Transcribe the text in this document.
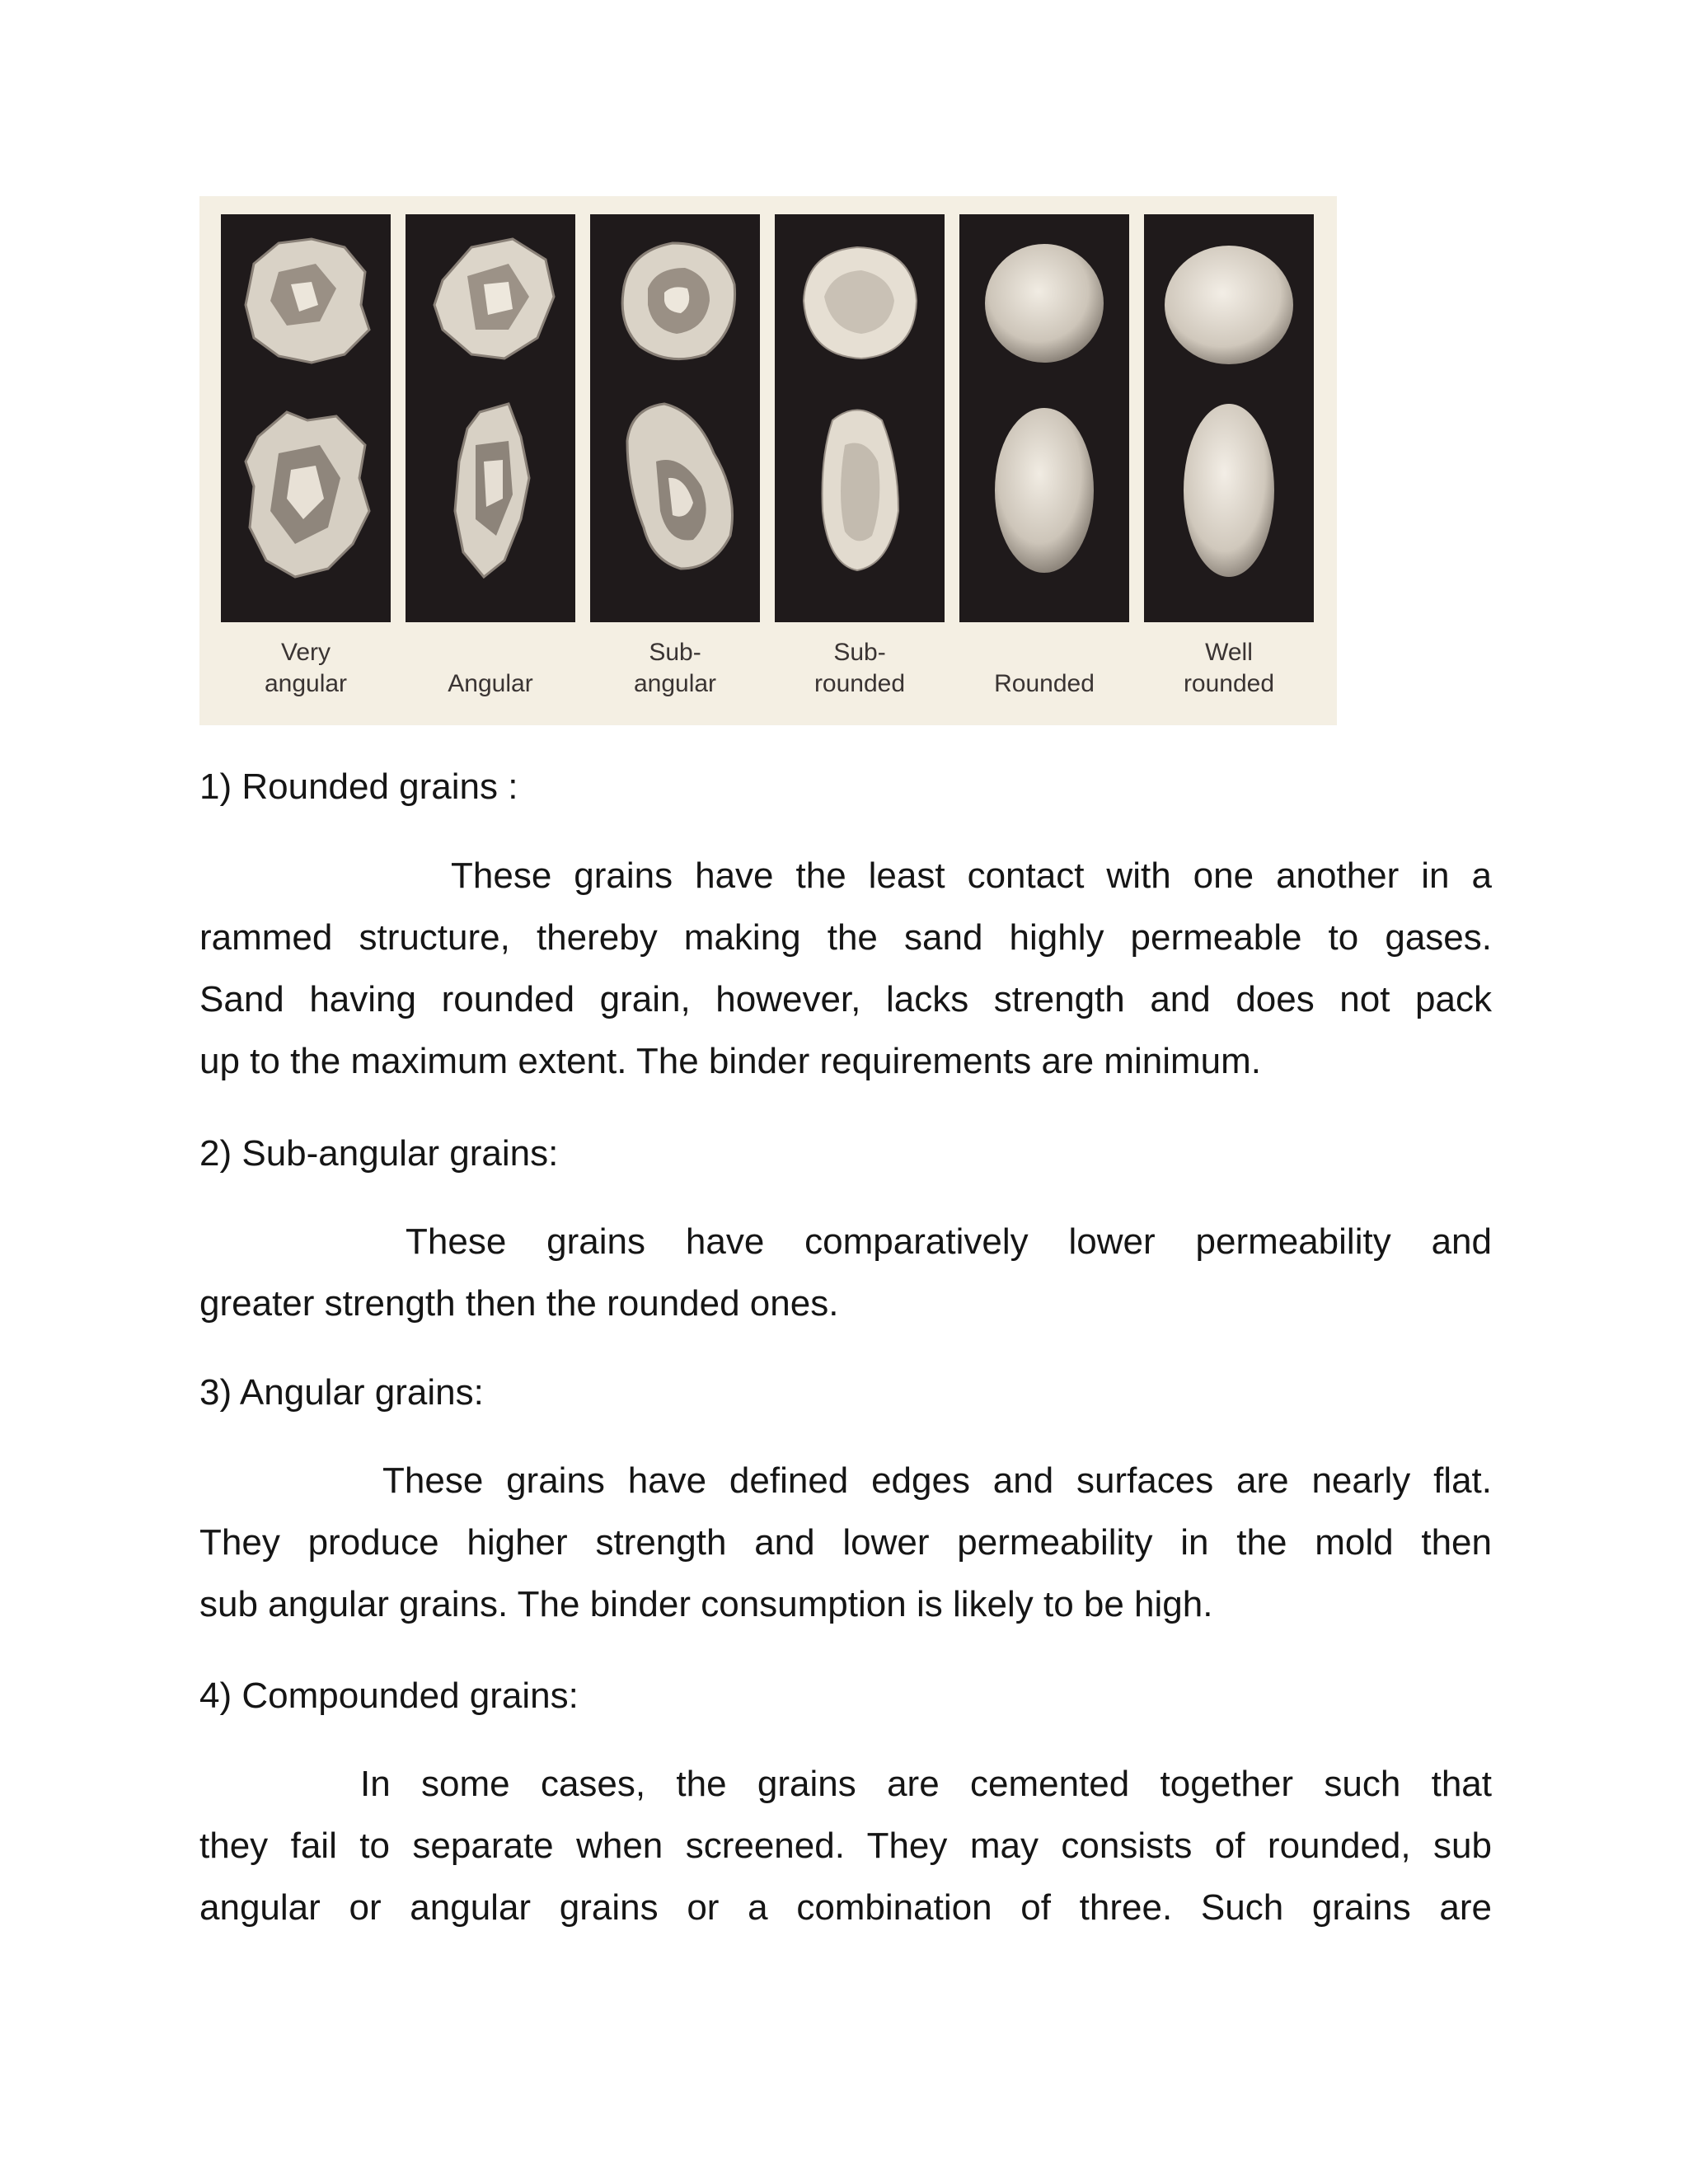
Very
angular	Angular
Sub-
angular
Sub-
rounded	Rounded
Well
rounded
1) Rounded grains :
These grains have the least contact with one another in a
rammed structure, thereby making the sand highly permeable to gases.
Sand having rounded grain, however, lacks strength and does not pack
up to the maximum extent. The binder requirements are minimum.
2) Sub-angular grains:
These grains have comparatively lower permeability and
greater strength then the rounded ones.
3) Angular grains:
These grains have defined edges and surfaces are nearly flat.
They produce higher strength and lower permeability in the mold then
sub angular grains. The binder consumption is likely to be high.
4) Compounded grains:
In some cases, the grains are cemented together such that
they fail to separate when screened. They may consists of rounded, sub
angular or angular grains or a combination of three. Such grains are
